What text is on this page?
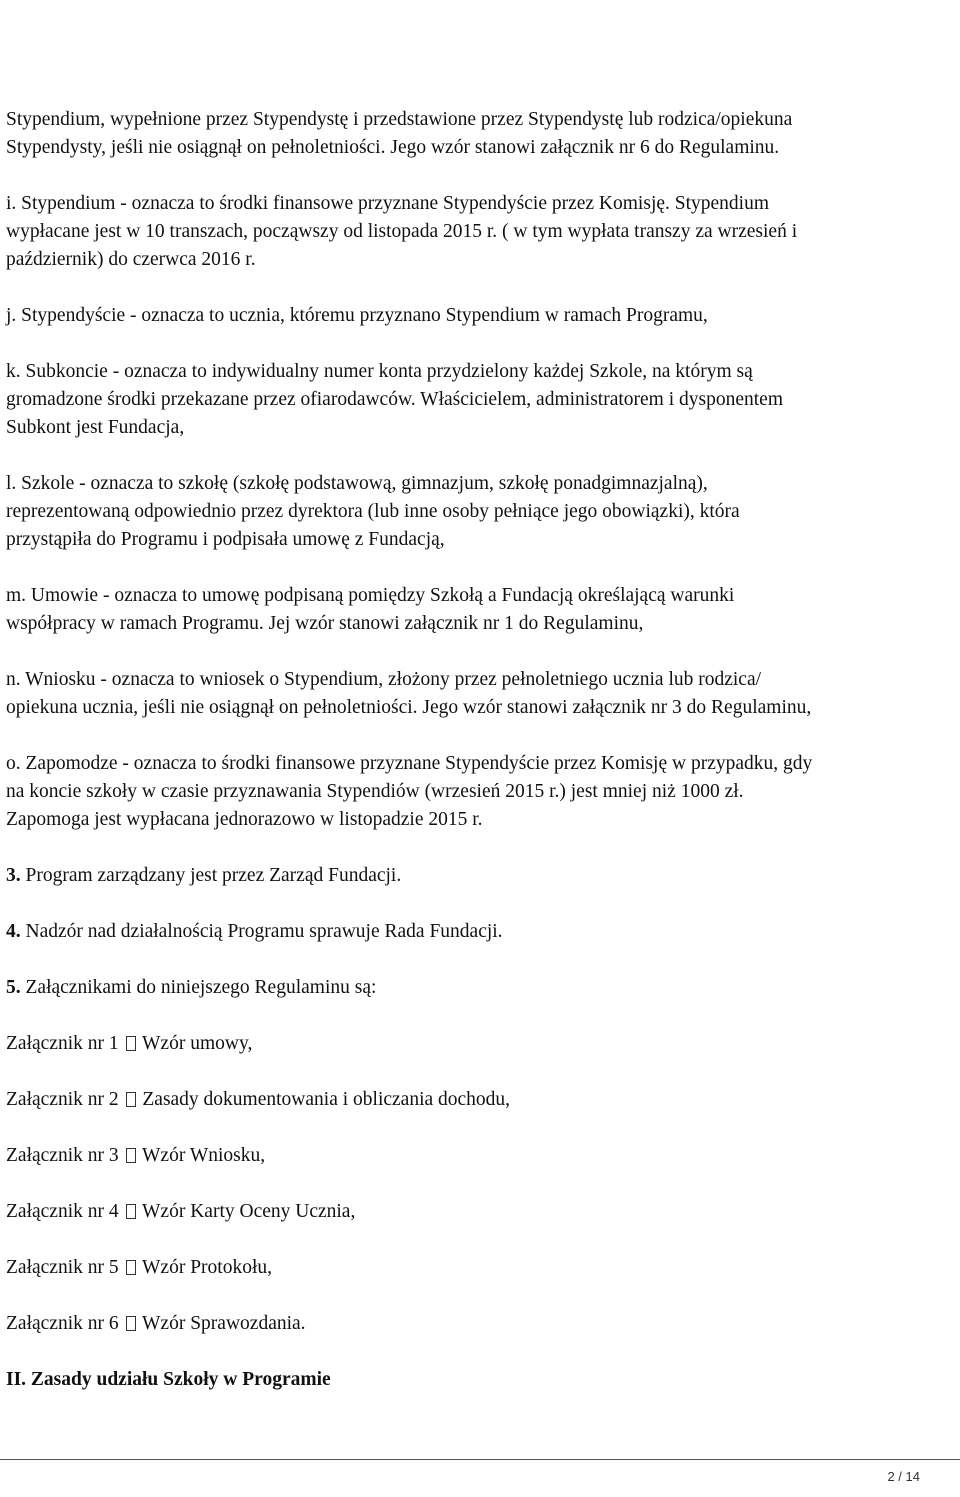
Stypendium, wypełnione przez Stypendystę i przedstawione przez Stypendystę lub rodzica/opiekuna
Stypendysty, jeśli nie osiągnął on pełnoletniości. Jego wzór stanowi załącznik nr 6 do Regulaminu.

i. Stypendium - oznacza to środki finansowe przyznane Stypendyście przez Komisję. Stypendium
wypłacane jest w 10 transzach, począwszy od listopada 2015 r. ( w tym wypłata transzy za wrzesień i
październik) do czerwca 2016 r.

j. Stypendyście - oznacza to ucznia, któremu przyznano Stypendium w ramach Programu,

k. Subkoncie - oznacza to indywidualny numer konta przydzielony każdej Szkole, na którym są
gromadzone środki przekazane przez ofiarodawców. Właścicielem, administratorem i dysponentem
Subkont jest Fundacja,

l. Szkole - oznacza to szkołę (szkołę podstawową, gimnazjum, szkołę ponadgimnazjalną),
reprezentowaną odpowiednio przez dyrektora (lub inne osoby pełniące jego obowiązki), która
przystąpiła do Programu i podpisała umowę z Fundacją,

m. Umowie - oznacza to umowę podpisaną pomiędzy Szkołą a Fundacją określającą warunki
współpracy w ramach Programu. Jej wzór stanowi załącznik nr 1 do Regulaminu,

n. Wniosku - oznacza to wniosek o Stypendium, złożony przez pełnoletniego ucznia lub rodzica/
opiekuna ucznia, jeśli nie osiągnął on pełnoletniości. Jego wzór stanowi załącznik nr 3 do Regulaminu,

o. Zapomodze - oznacza to środki finansowe przyznane Stypendyście przez Komisję w przypadku, gdy
na koncie szkoły w czasie przyznawania Stypendiów (wrzesień 2015 r.) jest mniej niż 1000 zł.
Zapomoga jest wypłacana jednorazowo w listopadzie 2015 r.

3. Program zarządzany jest przez Zarząd Fundacji.

4. Nadzór nad działalnością Programu sprawuje Rada Fundacji.

5. Załącznikami do niniejszego Regulaminu są:

Załącznik nr 1 Wzór umowy,

Załącznik nr 2 Zasady dokumentowania i obliczania dochodu,

Załącznik nr 3 Wzór Wniosku,

Załącznik nr 4 Wzór Karty Oceny Ucznia,

Załącznik nr 5 Wzór Protokołu,

Załącznik nr 6 Wzór Sprawozdania.

II. Zasady udziału Szkoły w Programie

2 / 14
